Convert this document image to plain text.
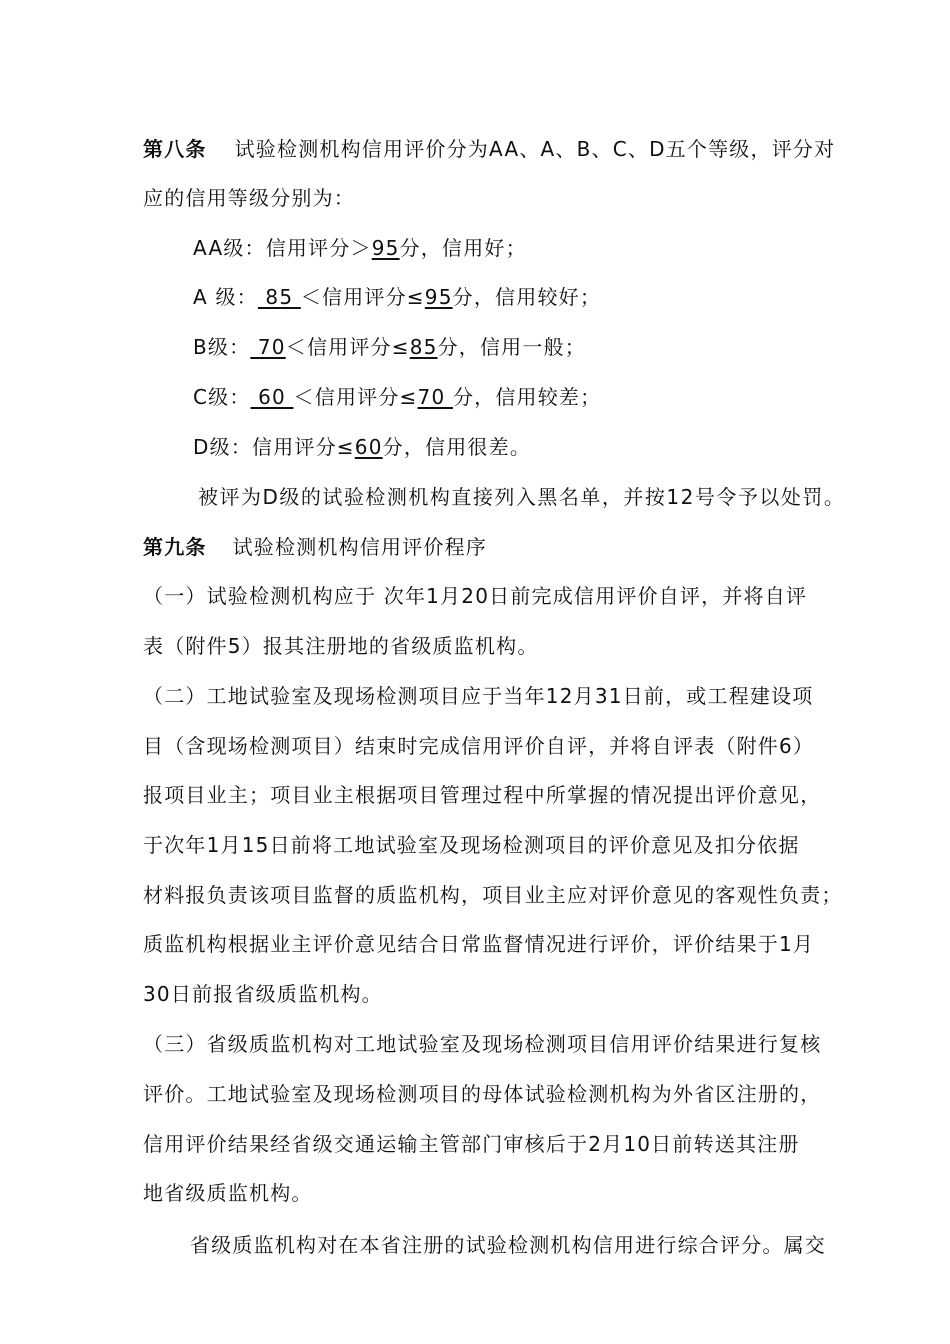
第八条 试验检测机构信用评价分为AA、A、B、C、D五个等级，评分对
应的信用等级分别为：
AA级：信用评分＞95分，信用好；
A 级： 85 ＜信用评分≤95分，信用较好；
B级： 70＜信用评分≤85分，信用一般；
C级： 60 ＜信用评分≤70 分，信用较差；
D级：信用评分≤60分，信用很差。
被评为D级的试验检测机构直接列入黑名单，并按12号令予以处罚。
第九条 试验检测机构信用评价程序
（一）试验检测机构应于 次年1月20日前完成信用评价自评，并将自评
表（附件5）报其注册地的省级质监机构。
（二）工地试验室及现场检测项目应于当年12月31日前，或工程建设项
目（含现场检测项目）结束时完成信用评价自评，并将自评表（附件6）
报项目业主；项目业主根据项目管理过程中所掌握的情况提出评价意见，
于次年1月15日前将工地试验室及现场检测项目的评价意见及扣分依据
材料报负责该项目监督的质监机构，项目业主应对评价意见的客观性负责；
质监机构根据业主评价意见结合日常监督情况进行评价，评价结果于1月
30日前报省级质监机构。
（三）省级质监机构对工地试验室及现场检测项目信用评价结果进行复核
评价。工地试验室及现场检测项目的母体试验检测机构为外省区注册的，
信用评价结果经省级交通运输主管部门审核后于2月10日前转送其注册
地省级质监机构。
省级质监机构对在本省注册的试验检测机构信用进行综合评分。属交
